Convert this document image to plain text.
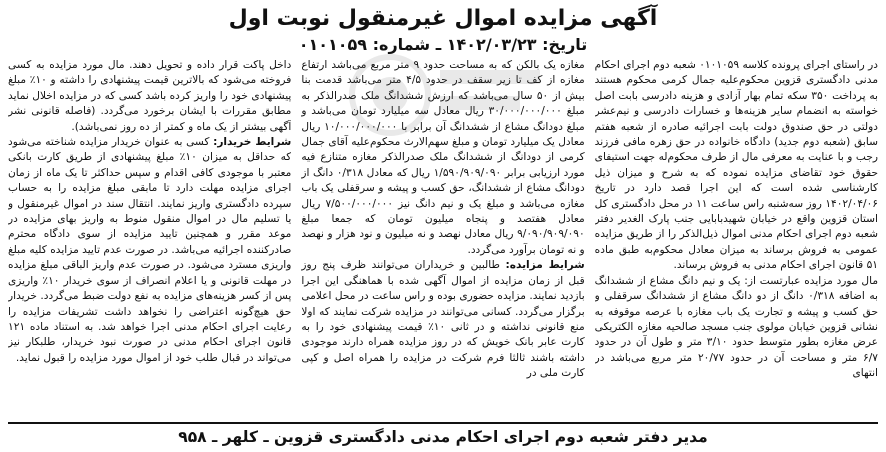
آگهی مزایده اموال غیرمنقول نوبت اول
تاریخ: ۱۴۰۲/۰۳/۲۳ ـ شماره: ۰۱۰۱۰۵۹

در راستای اجرای پرونده کلاسه ۰۱۰۱۰۵۹ شعبه دوم اجرای احکام مدنی دادگستری قزوین محکوم‌علیه جمال کرمی محکوم هستند به پرداخت ۳۵۰ سکه تمام بهار آزادی و هزینه دادرسی بابت اصل خواسته به انضمام سایر هزینه‌ها و خسارات دادرسی و نیم‌عشر دولتی در حق صندوق دولت بابت اجرائیه صادره از شعبه هفتم سابق (شعبه دوم جدید) دادگاه خانواده در حق زهره مافی فرزند رجب و با عنایت به معرفی مال از طرف محکوم‌له جهت استیفای حقوق خود تقاضای مزایده نموده که به شرح و میزان ذیل کارشناسی شده است که این اجرا قصد دارد در تاریخ ۱۴۰۲/۰۴/۰۶ روز سه‌شنبه راس ساعت ۱۱ در محل دادگستری کل استان قزوین واقع در خیابان شهیدبابایی جنب پارک الغدیر دفتر شعبه دوم اجرای احکام مدنی اموال ذیل‌الذکر را از طریق مزایده عمومی به فروش برساند به میزان معادل محکوم‌به طبق ماده ۵۱ قانون اجرای احکام مدنی به فروش برساند.

مال مورد مزایده عبارتست از: یک و نیم دانگ مشاع از ششدانگ به اضافه ۰/۳۱۸ دانگ از دو دانگ مشاع از ششدانگ سرقفلی و حق کسب و پیشه و تجارت یک باب مغازه با عرصه موقوفه به نشانی قزوین خیابان مولوی جنب مسجد صالحیه مغازه الکتریکی عرض مغازه بطور متوسط حدود ۳/۱۰ متر و طول آن در حدود ۶/۷ متر و مساحت آن در حدود ۲۰/۷۷ متر مربع می‌باشد در انتهای

مغازه یک بالکن که به مساحت حدود ۹ متر مربع می‌باشد ارتفاع مغازه از کف تا زیر سقف در حدود ۴/۵ متر می‌باشد قدمت بنا بیش از ۵۰ سال می‌باشد که ارزش ششدانگ ملک صدرالذکر به مبلغ ۳۰/۰۰۰/۰۰۰/۰۰۰ ریال معادل سه میلیارد تومان می‌باشد و مبلغ دودانگ مشاع از ششدانگ آن برابر با ۱۰/۰۰۰/۰۰۰/۰۰۰ ریال معادل یک میلیارد تومان و مبلغ سهم‌الارث محکوم‌علیه آقای جمال کرمی از دودانگ از ششدانگ ملک صدرالذکر مغازه متنازع فیه مورد ارزیابی برابر ۱/۵۹۰/۹۰۹/۰۹۰ ریال که معادل ۰/۳۱۸ دانگ از دودانگ مشاع از ششدانگ، حق کسب و پیشه و سرقفلی یک باب مغازه می‌باشد و مبلغ یک و نیم دانگ نیز ۷/۵۰۰/۰۰۰/۰۰۰ ریال معادل هفتصد و پنجاه میلیون تومان که جمعا مبلغ ۹/۰۹۰/۹۰۹/۰۹۰ ریال معادل نهصد و نه میلیون و نود هزار و نهصد و نه تومان برآورد می‌گردد.

شرایط مزایده: طالبین و خریداران می‌توانند ظرف پنج روز قبل از زمان مزایده از اموال آگهی شده با هماهنگی این اجرا بازدید نمایند. مزایده حضوری بوده و راس ساعت در محل اعلامی برگزار می‌گردد. کسانی می‌توانند در مزایده شرکت نمایند که اولا منع قانونی نداشته و در ثانی ۱۰٪ قیمت پیشنهادی خود را به کارت عابر بانک خویش که در روز مزایده همراه دارند موجودی داشته باشند ثالثا فرم شرکت در مزایده را همراه اصل و کپی کارت ملی در

داخل پاکت قرار داده و تحویل دهند. مال مورد مزایده به کسی فروخته می‌شود که بالاترین قیمت پیشنهادی را داشته و ۱۰٪ مبلغ پیشنهادی خود را واریز کرده باشد کسی که در مزایده اخلال نماید مطابق مقررات با ایشان برخورد می‌گردد. (فاصله قانونی نشر آگهی بیشتر از یک ماه و کمتر از ده روز نمی‌باشد).

شرایط خریدار: کسی به عنوان خریدار مزایده شناخته می‌شود که حداقل به میزان ۱۰٪ مبلغ پیشنهادی از طریق کارت بانکی معتبر با موجودی کافی اقدام و سپس حداکثر تا یک ماه از زمان اجرای مزایده مهلت دارد تا مابقی مبلغ مزایده را به حساب سپرده دادگستری واریز نمایند. انتقال سند در اموال غیرمنقول و یا تسلیم مال در اموال منقول منوط به واریز بهای مزایده در موعد مقرر و همچنین تایید مزایده از سوی دادگاه محترم صادرکننده اجرائیه می‌باشد. در صورت عدم تایید مزایده کلیه مبلغ واریزی مسترد می‌شود. در صورت عدم واریز الباقی مبلغ مزایده در مهلت قانونی و یا اعلام انصراف از سوی خریدار ۱۰٪ واریزی پس از کسر هزینه‌های مزایده به نفع دولت ضبط می‌گردد. خریدار حق هیچ‌گونه اعتراضی را نخواهد داشت تشریفات مزایده را رعایت اجرای احکام مدنی اجرا خواهد شد. به استناد ماده ۱۲۱ قانون اجرای احکام مدنی در صورت نبود خریدار، طلبکار نیز می‌تواند در قبال طلب خود از اموال مورد مزایده را قبول نماید.

مدیر دفتر شعبه دوم اجرای احکام مدنی دادگستری قزوین ـ کلهر ـ ۹۵۸
